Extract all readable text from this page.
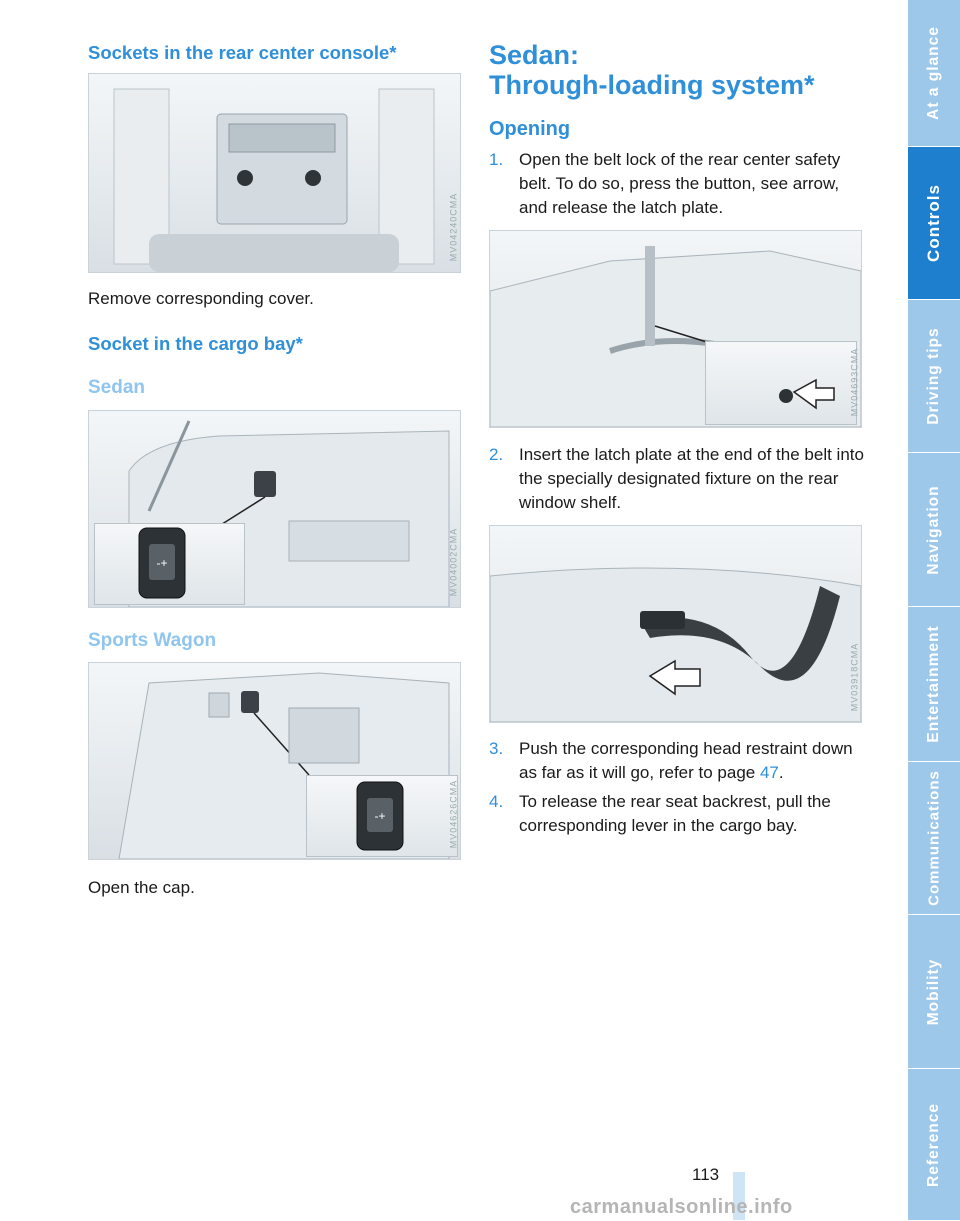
Sockets in the rear center console*
MV04240CMA
Remove corresponding cover.
Socket in the cargo bay*
Sedan
-+	MV04002CMA
Sports Wagon
-+	MV04626CMA
Open the cap.
Sedan:
Through-loading system*
Opening
1. Open the belt lock of the rear center safety belt. To do so, press the button, see arrow, and release the latch plate.
MV04693CMA
2. Insert the latch plate at the end of the belt into the specially designated fixture on the rear window shelf.
MV03918CMA
3. Push the corresponding head restraint down as far as it will go, refer to page 47.
4. To release the rear seat backrest, pull the corresponding lever in the cargo bay.
At a glance
Controls
Driving tips
Navigation
Entertainment
Communications
Mobility
Reference
113
carmanualsonline.info
